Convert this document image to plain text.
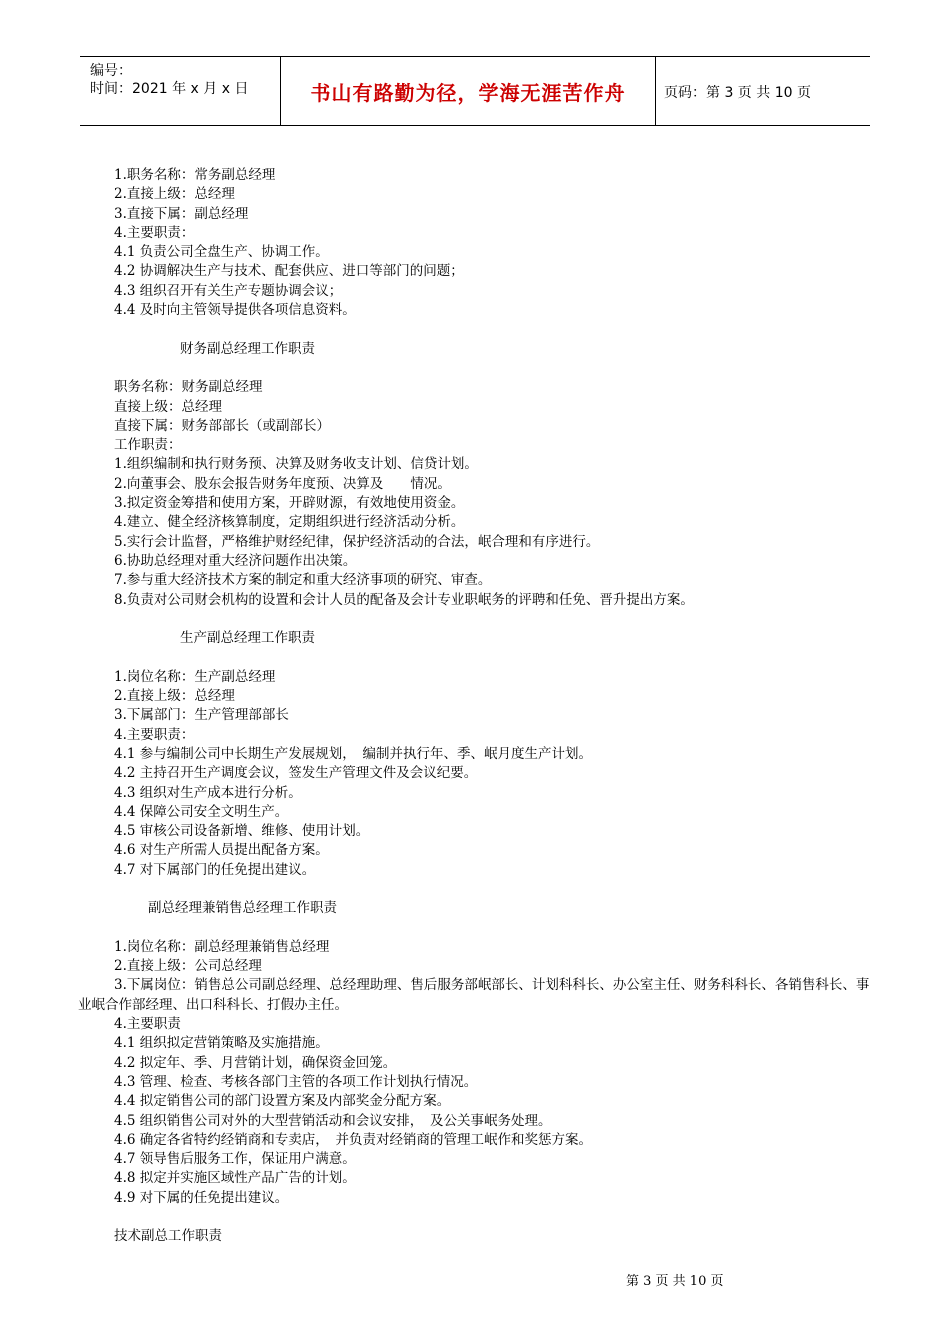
编号：
时间：2021 年 x 月 x 日	书山有路勤为径，学海无涯苦作舟	页码：第 3 页 共 10 页
1.职务名称：常务副总经理
2.直接上级：总经理
3.直接下属：副总经理
4.主要职责：
4.1 负责公司全盘生产、协调工作。
4.2 协调解决生产与技术、配套供应、进口等部门的问题；
4.3 组织召开有关生产专题协调会议；
4.4 及时向主管领导提供各项信息资料。
财务副总经理工作职责
职务名称：财务副总经理
直接上级：总经理
直接下属：财务部部长（或副部长）
工作职责：
1.组织编制和执行财务预、决算及财务收支计划、信贷计划。
2.向董事会、股东会报告财务年度预、决算及　　情况。
3.拟定资金筹措和使用方案，开辟财源，有效地使用资金。
4.建立、健全经济核算制度，定期组织进行经济活动分析。
5.实行会计监督，严格维护财经纪律，保护经济活动的合法，岷合理和有序进行。
6.协助总经理对重大经济问题作出决策。
7.参与重大经济技术方案的制定和重大经济事项的研究、审查。
8.负责对公司财会机构的设置和会计人员的配备及会计专业职岷务的评聘和任免、晋升提出方案。
生产副总经理工作职责
1.岗位名称：生产副总经理
2.直接上级：总经理
3.下属部门：生产管理部部长
4.主要职责：
4.1 参与编制公司中长期生产发展规划，　编制并执行年、季、岷月度生产计划。
4.2 主持召开生产调度会议，签发生产管理文件及会议纪要。
4.3 组织对生产成本进行分析。
4.4 保障公司安全文明生产。
4.5 审核公司设备新增、维修、使用计划。
4.6 对生产所需人员提出配备方案。
4.7 对下属部门的任免提出建议。
副总经理兼销售总经理工作职责
1.岗位名称：副总经理兼销售总经理
2.直接上级：公司总经理
3.下属岗位：销售总公司副总经理、总经理助理、售后服务部岷部长、计划科科长、办公室主任、财务科科长、各销售科长、事业岷合作部经理、出口科科长、打假办主任。
4.主要职责
4.1 组织拟定营销策略及实施措施。
4.2 拟定年、季、月营销计划，确保资金回笼。
4.3 管理、检查、考核各部门主管的各项工作计划执行情况。
4.4 拟定销售公司的部门设置方案及内部奖金分配方案。
4.5 组织销售公司对外的大型营销活动和会议安排，　及公关事岷务处理。
4.6 确定各省特约经销商和专卖店，　并负责对经销商的管理工岷作和奖惩方案。
4.7 领导售后服务工作，保证用户满意。
4.8 拟定并实施区域性产品广告的计划。
4.9 对下属的任免提出建议。
技术副总工作职责
第 3 页 共 10 页
